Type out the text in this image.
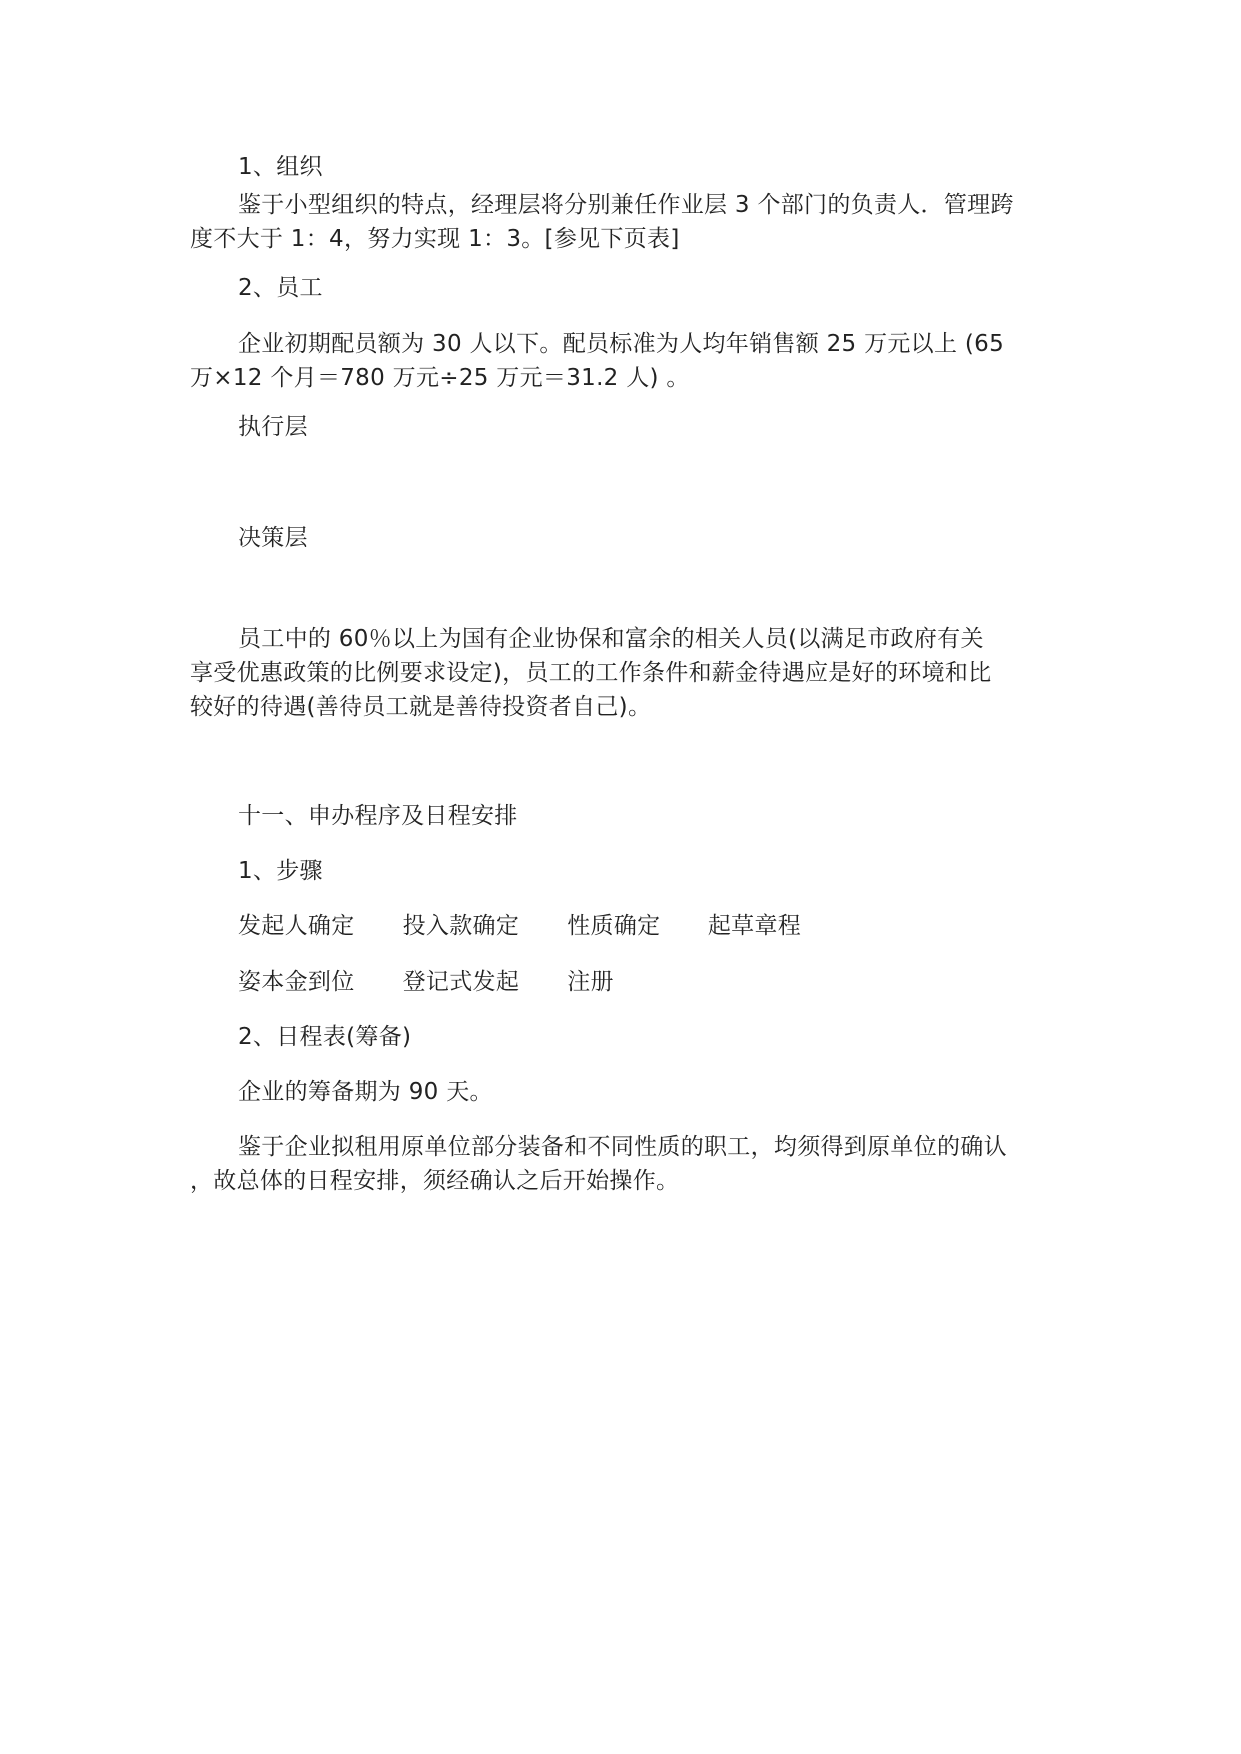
1、组织

鉴于小型组织的特点，经理层将分别兼任作业层 3 个部门的负责人．管理跨
度不大于 1：4，努力实现 1：3。[参见下页表]

2、员工

企业初期配员额为 30 人以下。配员标准为人均年销售额 25 万元以上 (65
万×12 个月＝780 万元÷25 万元＝31.2 人) 。

执行层

决策层

员工中的 60％以上为国有企业协保和富余的相关人员(以满足市政府有关
享受优惠政策的比例要求设定)，员工的工作条件和薪金待遇应是好的环境和比
较好的待遇(善待员工就是善待投资者自己)。

十一、申办程序及日程安排

1、步骤

发起人确定 投入款确定 性质确定 起草章程
姿本金到位 登记式发起 注册

2、日程表(筹备)

企业的筹备期为 90 天。

鉴于企业拟租用原单位部分装备和不同性质的职工，均须得到原单位的确认
，故总体的日程安排，须经确认之后开始操作。
